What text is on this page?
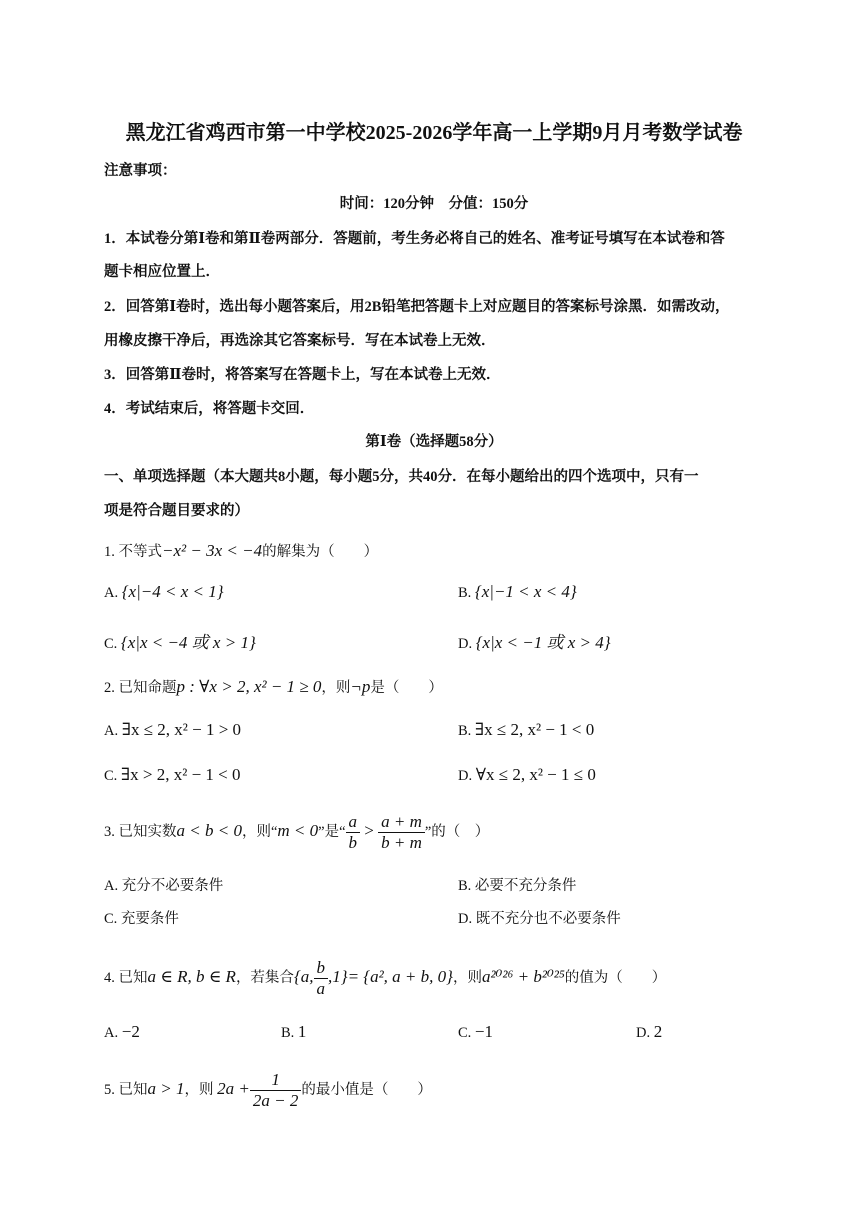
黑龙江省鸡西市第一中学校2025-2026学年高一上学期9月月考数学试卷
注意事项：
时间：120分钟　分值：150分
1．本试卷分第Ⅰ卷和第Ⅱ卷两部分．答题前，考生务必将自己的姓名、准考证号填写在本试卷和答
题卡相应位置上．
2．回答第Ⅰ卷时，选出每小题答案后，用2B铅笔把答题卡上对应题目的答案标号涂黑．如需改动，
用橡皮擦干净后，再选涂其它答案标号．写在本试卷上无效．
3．回答第Ⅱ卷时，将答案写在答题卡上，写在本试卷上无效．
4．考试结束后，将答题卡交回．
第Ⅰ卷（选择题58分）
一、单项选择题（本大题共8小题，每小题5分，共40分．在每小题给出的四个选项中，只有一
项是符合题目要求的）
1. 不等式−x² − 3x < −4的解集为（　　）
A. {x|−4 < x < 1}	B. {x|−1 < x < 4}
C. {x|x < −4 或 x > 1}	D. {x|x < −1 或 x > 4}
2. 已知命题p : ∀x > 2, x² − 1 ≥ 0，则¬p是（　　）
A. ∃x ≤ 2, x² − 1 > 0	B. ∃x ≤ 2, x² − 1 < 0
C. ∃x > 2, x² − 1 < 0	D. ∀x ≤ 2, x² − 1 ≤ 0
3. 已知实数a < b < 0，则“m < 0”是“ $\frac{a}{b} > \frac{a + m}{b + m}$ ”的（　）
A. 充分不必要条件	B. 必要不充分条件
C. 充要条件	D. 既不充分也不必要条件
4. 已知a ∈ R, b ∈ R，若集合{a, $\frac{b}{a} ,1\}= \{a^2$, a + b, 0}，则a²⁰²⁶ + b²⁰²⁵的值为（　　）
A. −2	B. 1	C. −1	D. 2
5. 已知a > 1，则 $2a + \frac{1}{2a - 2}$ 的最小值是（　　）
